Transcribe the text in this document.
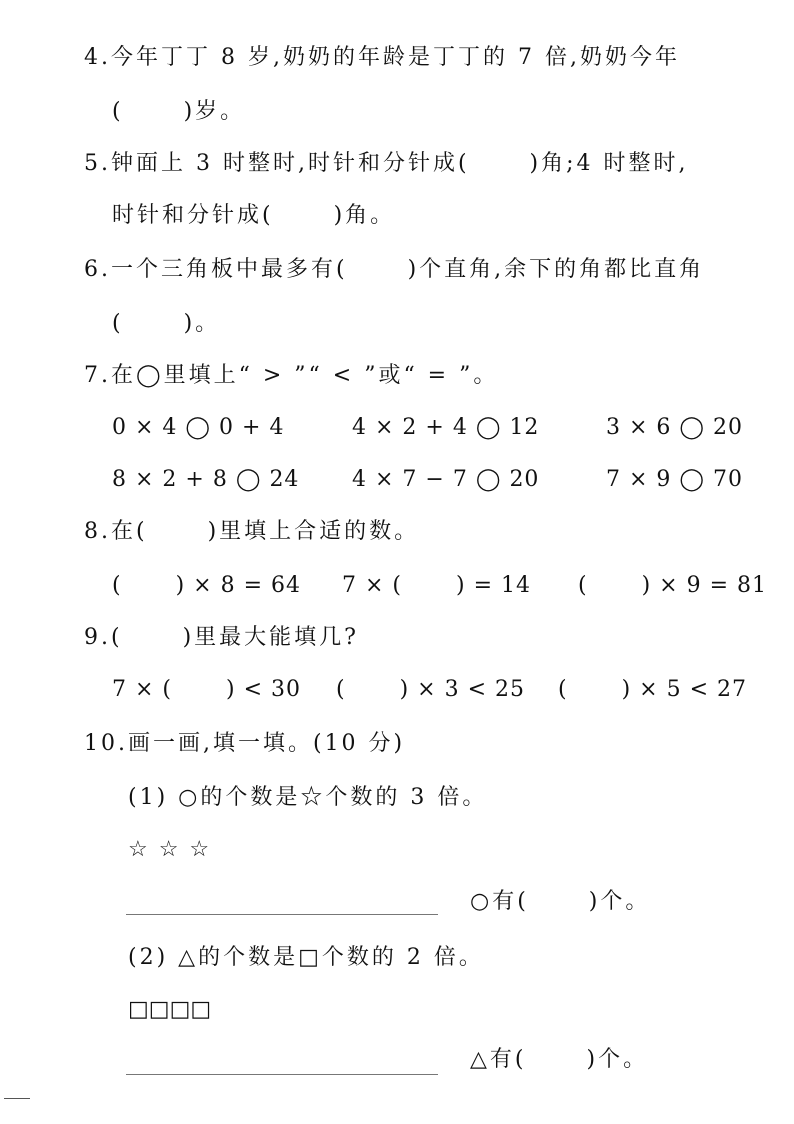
4.今年丁丁 8 岁,奶奶的年龄是丁丁的 7 倍,奶奶今年
(　　 )岁。
5.钟面上 3 时整时,时针和分针成(　　 )角;4 时整时,
时针和分针成(　　 )角。
6.一个三角板中最多有(　　 )个直角,余下的角都比直角
(　　 )。
7.在◯里填上“ > ”“ < ”或“ = ”。
0 × 4 ◯ 0 + 4	4 × 2 + 4 ◯ 12	3 × 6 ◯ 20
8 × 2 + 8 ◯ 24 4 × 7 − 7 ◯ 20	7 × 9 ◯ 70
8.在(　　 )里填上合适的数。
(　　 ) × 8 = 64 7 × (　　 ) = 14 (　　 ) × 9 = 81
9.(　　 )里最大能填几?
7 × (　　 ) < 30 (　　 ) × 3 < 25 (　　 ) × 5 < 27
10.画一画,填一填。(10 分)
(1) ○的个数是☆个数的 3 倍。
☆ ☆ ☆
○有(　　 )个。
(2) △的个数是□个数的 2 倍。
□□□□
△有(　　 )个。
